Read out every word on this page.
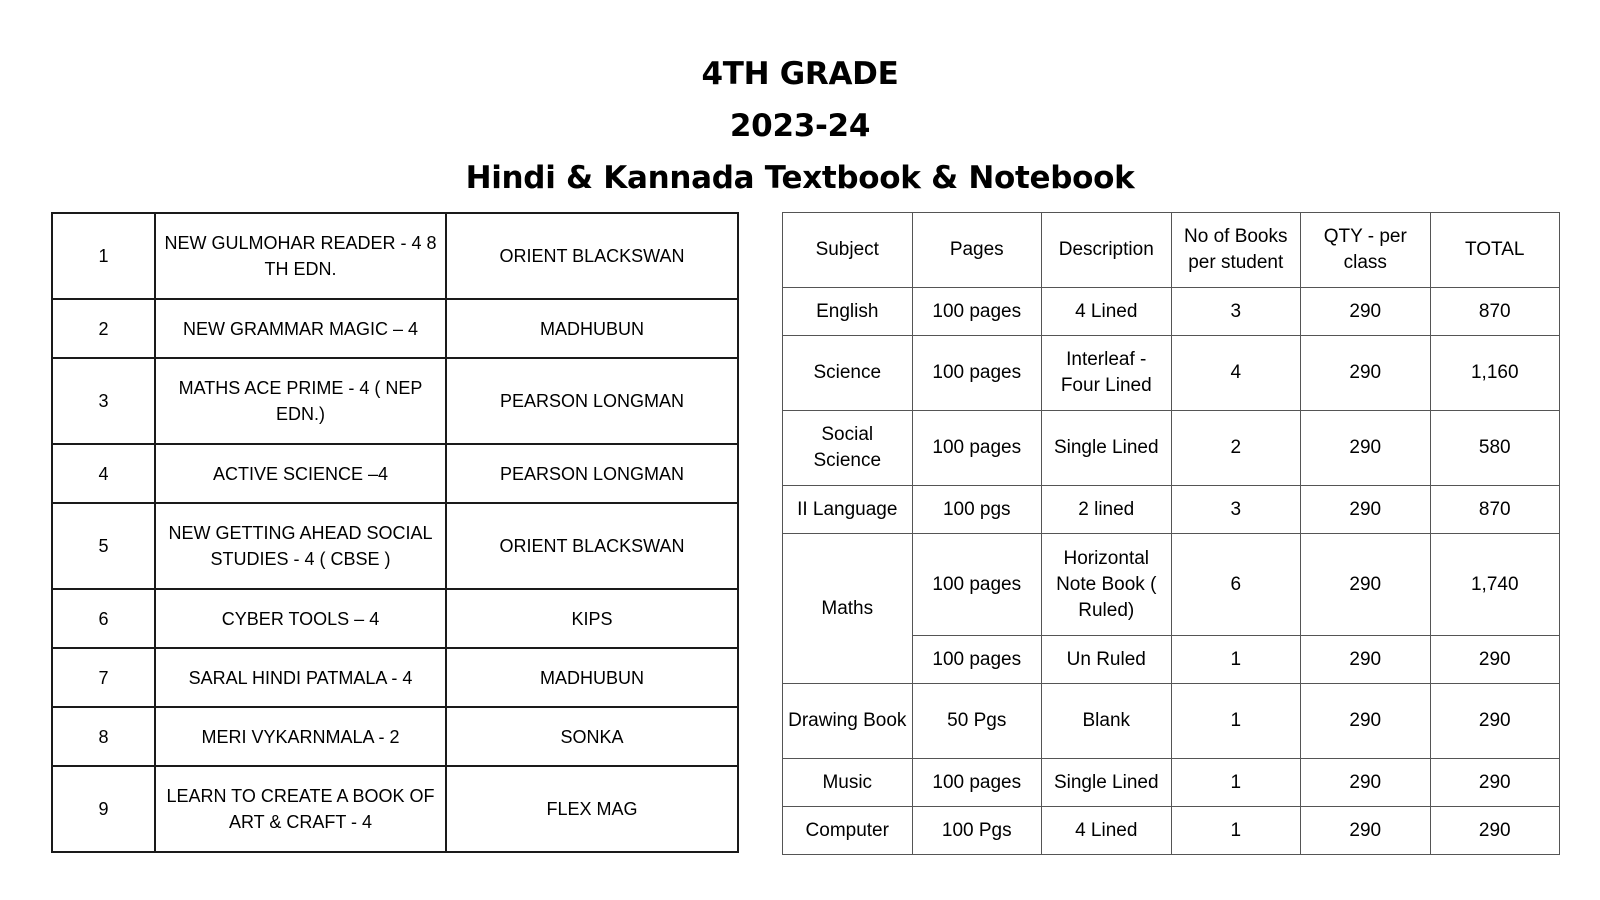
4TH GRADE
2023-24
Hindi & Kannada Textbook & Notebook
1	NEW GULMOHAR READER - 4 8 TH EDN.	ORIENT BLACKSWAN
2	NEW GRAMMAR MAGIC – 4	MADHUBUN
3	MATHS ACE PRIME - 4 ( NEP EDN.)	PEARSON LONGMAN
4	ACTIVE SCIENCE –4	PEARSON LONGMAN
5	NEW GETTING AHEAD SOCIAL STUDIES - 4 ( CBSE )	ORIENT BLACKSWAN
6	CYBER TOOLS – 4	KIPS
7	SARAL HINDI PATMALA - 4	MADHUBUN
8	MERI VYKARNMALA - 2	SONKA
9	LEARN TO CREATE A BOOK OF ART & CRAFT - 4	FLEX MAG
Subject	Pages	Description	No of Books per student	QTY - per class	TOTAL
English	100 pages	4 Lined	3	290	870
Science	100 pages	Interleaf - Four Lined	4	290	1,160
Social Science	100 pages	Single Lined	2	290	580
II Language	100 pgs	2 lined	3	290	870
Maths	100 pages	Horizontal Note Book ( Ruled)	6	290	1,740
	100 pages	Un Ruled	1	290	290
Drawing Book	50 Pgs	Blank	1	290	290
Music	100 pages	Single Lined	1	290	290
Computer	100 Pgs	4 Lined	1	290	290
